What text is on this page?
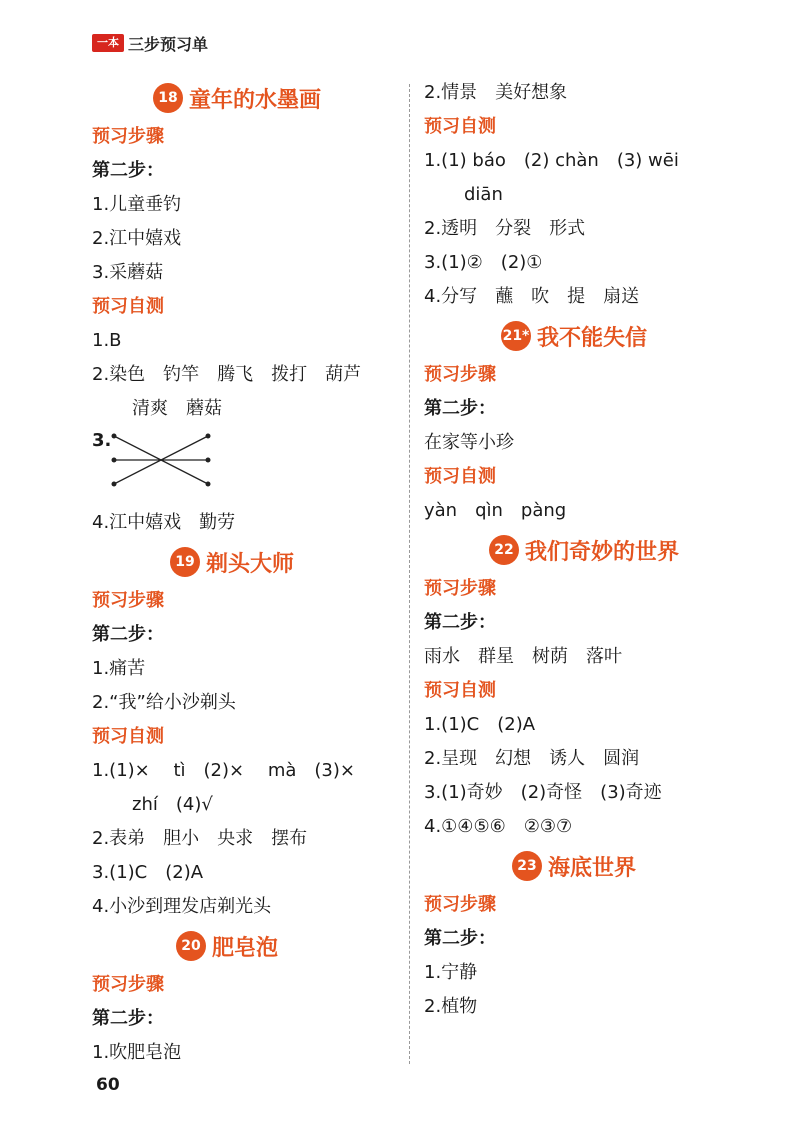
一本 三步预习单
18 童年的水墨画
预习步骤
第二步：
1.儿童垂钓
2.江中嬉戏
3.采蘑菇
预习自测
1.B
2.染色　钓竿　腾飞　拨打　葫芦
清爽　蘑菇
3.
4.江中嬉戏　勤劳
19 剃头大师
预习步骤
第二步：
1.痛苦
2.“我”给小沙剃头
预习自测
1.(1)×　 tì　(2)×　 mà　(3)×
zhí　(4)√
2.表弟　胆小　央求　摆布
3.(1)C　(2)A
4.小沙到理发店剃光头
20 肥皂泡
预习步骤
第二步：
1.吹肥皂泡
2.情景　美好想象
预习自测
1.(1) báo　(2) chàn　(3) wēi
diān
2.透明　分裂　形式
3.(1)②　(2)①
4.分写　蘸　吹　提　扇送
21* 我不能失信
预习步骤
第二步：
在家等小珍
预习自测
yàn　qìn　pàng
22 我们奇妙的世界
预习步骤
第二步：
雨水　群星　树荫　落叶
预习自测
1.(1)C　(2)A
2.呈现　幻想　诱人　圆润
3.(1)奇妙　(2)奇怪　(3)奇迹
4.①④⑤⑥　②③⑦
23 海底世界
预习步骤
第二步：
1.宁静
2.植物
60
